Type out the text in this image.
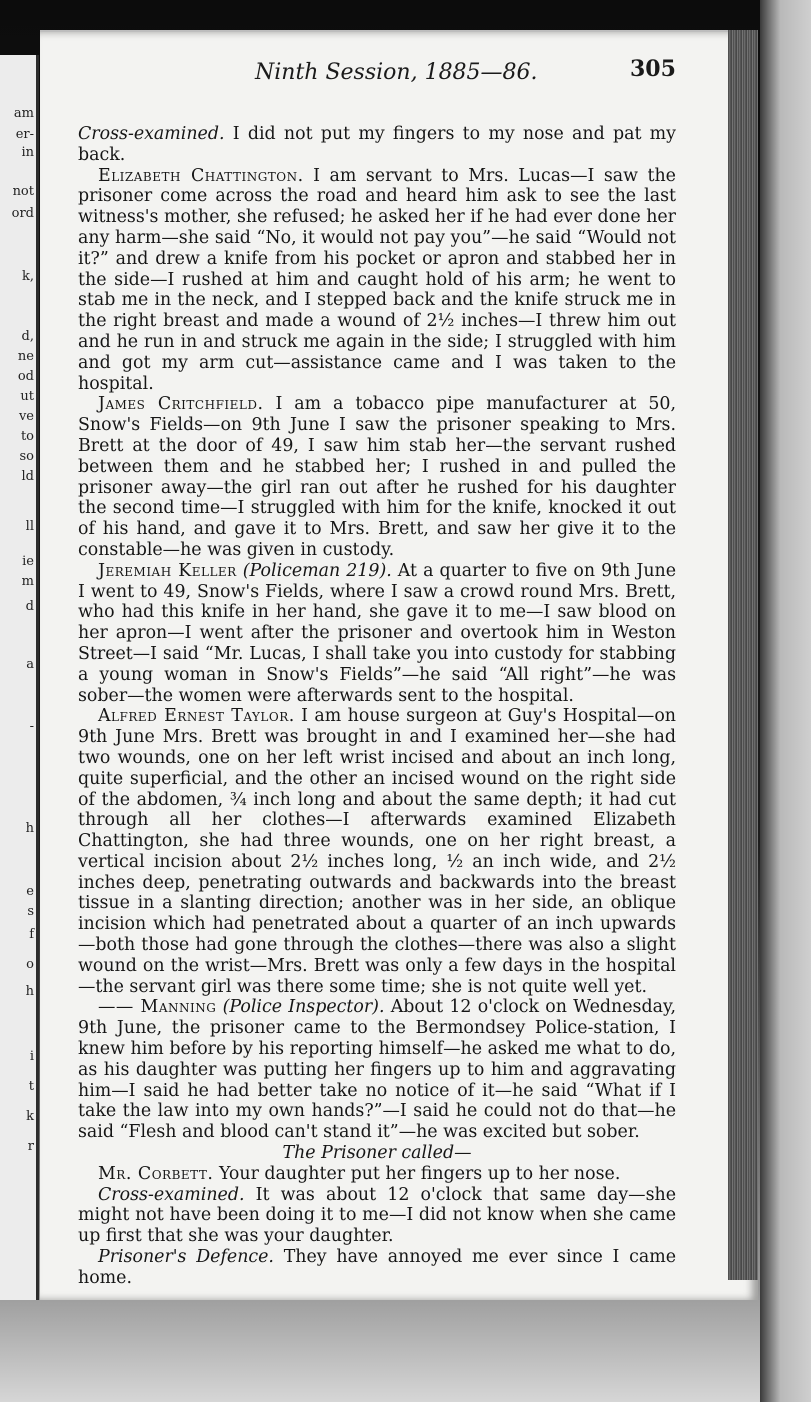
am
er-
in
not
ord
k,
d,
ne
od
ut
ve
to
so
ld
ll
ie
m
d
a
-
h
e
s
f
o
h
i
t
k
r
Ninth Session, 1885—86.	305

Cross-examined. I did not put my fingers to my nose and pat my back.

Elizabeth Chattington. I am servant to Mrs. Lucas—I saw the prisoner come across the road and heard him ask to see the last witness's mother, she refused; he asked her if he had ever done her any harm—she said “No, it would not pay you”—he said “Would not it?” and drew a knife from his pocket or apron and stabbed her in the side—I rushed at him and caught hold of his arm; he went to stab me in the neck, and I stepped back and the knife struck me in the right breast and made a wound of 2½ inches—I threw him out and he run in and struck me again in the side; I struggled with him and got my arm cut—assistance came and I was taken to the hospital.

James Critchfield. I am a tobacco pipe manufacturer at 50, Snow's Fields—on 9th June I saw the prisoner speaking to Mrs. Brett at the door of 49, I saw him stab her—the servant rushed between them and he stabbed her; I rushed in and pulled the prisoner away—the girl ran out after he rushed for his daughter the second time—I struggled with him for the knife, knocked it out of his hand, and gave it to Mrs. Brett, and saw her give it to the constable—he was given in custody.

Jeremiah Keller (Policeman 219). At a quarter to five on 9th June I went to 49, Snow's Fields, where I saw a crowd round Mrs. Brett, who had this knife in her hand, she gave it to me—I saw blood on her apron—I went after the prisoner and overtook him in Weston Street—I said “Mr. Lucas, I shall take you into custody for stabbing a young woman in Snow's Fields”—he said “All right”—he was sober—the women were afterwards sent to the hospital.

Alfred Ernest Taylor. I am house surgeon at Guy's Hospital—on 9th June Mrs. Brett was brought in and I examined her—she had two wounds, one on her left wrist incised and about an inch long, quite superficial, and the other an incised wound on the right side of the abdomen, ¾ inch long and about the same depth; it had cut through all her clothes—I afterwards examined Elizabeth Chattington, she had three wounds, one on her right breast, a vertical incision about 2½ inches long, ½ an inch wide, and 2½ inches deep, penetrating outwards and backwards into the breast tissue in a slanting direction; another was in her side, an oblique incision which had penetrated about a quarter of an inch upwards—both those had gone through the clothes—there was also a slight wound on the wrist—Mrs. Brett was only a few days in the hospital—the servant girl was there some time; she is not quite well yet.

—— Manning (Police Inspector). About 12 o'clock on Wednesday, 9th June, the prisoner came to the Bermondsey Police-station, I knew him before by his reporting himself—he asked me what to do, as his daughter was putting her fingers up to him and aggravating him—I said he had better take no notice of it—he said “What if I take the law into my own hands?”—I said he could not do that—he said “Flesh and blood can't stand it”—he was excited but sober.

The Prisoner called—

Mr. Corbett. Your daughter put her fingers up to her nose.

Cross-examined. It was about 12 o'clock that same day—she might not have been doing it to me—I did not know when she came up first that she was your daughter.

Prisoner's Defence. They have annoyed me ever since I came home.
